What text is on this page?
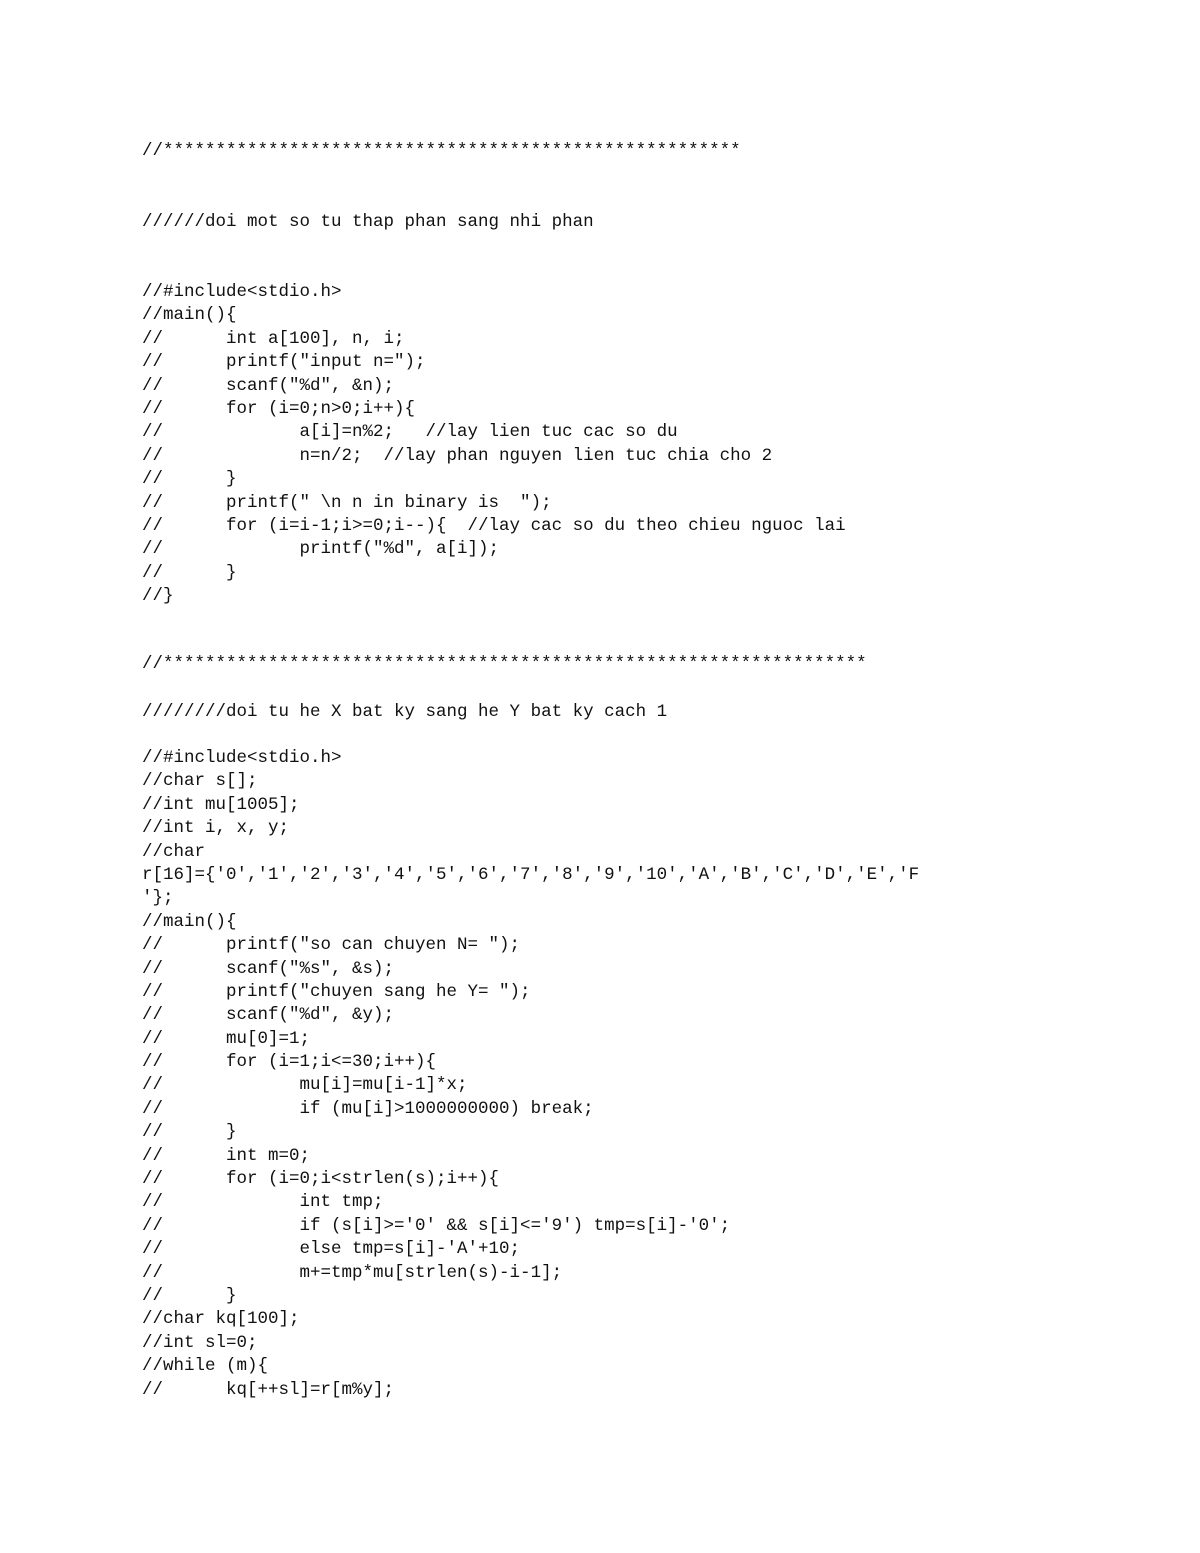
//*******************************************************
//////doi mot so tu thap phan sang nhi phan
//#include<stdio.h>
//main(){
//      int a[100], n, i;
//      printf("input n=");
//      scanf("%d", &n);
//      for (i=0;n>0;i++){
//             a[i]=n%2;   //lay lien tuc cac so du
//             n=n/2;  //lay phan nguyen lien tuc chia cho 2
//      }
//      printf(" \n n in binary is  ");
//      for (i=i-1;i>=0;i--){  //lay cac so du theo chieu nguoc lai
//             printf("%d", a[i]);
//      }
//}
//*******************************************************************
////////doi tu he X bat ky sang he Y bat ky cach 1
//#include<stdio.h>
//char s[];
//int mu[1005];
//int i, x, y;
//char
r[16]={'0','1','2','3','4','5','6','7','8','9','10','A','B','C','D','E','F
'};
//main(){
//      printf("so can chuyen N= ");
//      scanf("%s", &s);
//      printf("chuyen sang he Y= ");
//      scanf("%d", &y);
//      mu[0]=1;
//      for (i=1;i<=30;i++){
//             mu[i]=mu[i-1]*x;
//             if (mu[i]>1000000000) break;
//      }
//      int m=0;
//      for (i=0;i<strlen(s);i++){
//             int tmp;
//             if (s[i]>='0' && s[i]<='9') tmp=s[i]-'0';
//             else tmp=s[i]-'A'+10;
//             m+=tmp*mu[strlen(s)-i-1];
//      }
//char kq[100];
//int sl=0;
//while (m){
//      kq[++sl]=r[m%y];
